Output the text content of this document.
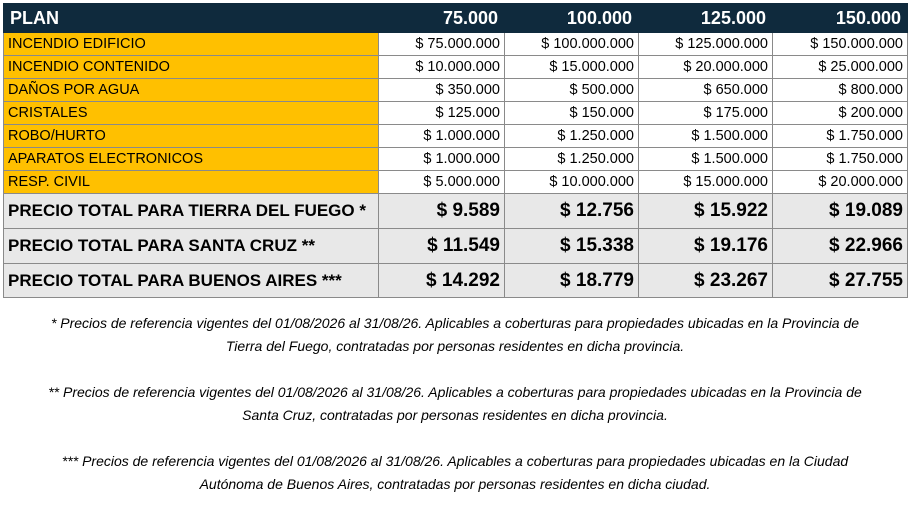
PLAN	75.000	100.000	125.000	150.000
INCENDIO EDIFICIO	$ 75.000.000	$ 100.000.000	$ 125.000.000	$ 150.000.000
INCENDIO CONTENIDO	$ 10.000.000	$ 15.000.000	$ 20.000.000	$ 25.000.000
DAÑOS POR AGUA	$ 350.000	$ 500.000	$ 650.000	$ 800.000
CRISTALES	$ 125.000	$ 150.000	$ 175.000	$ 200.000
ROBO/HURTO	$ 1.000.000	$ 1.250.000	$ 1.500.000	$ 1.750.000
APARATOS ELECTRONICOS	$ 1.000.000	$ 1.250.000	$ 1.500.000	$ 1.750.000
RESP. CIVIL	$ 5.000.000	$ 10.000.000	$ 15.000.000	$ 20.000.000
PRECIO TOTAL PARA TIERRA DEL FUEGO *	$ 9.589	$ 12.756	$ 15.922	$ 19.089
PRECIO TOTAL PARA SANTA CRUZ **	$ 11.549	$ 15.338	$ 19.176	$ 22.966
PRECIO TOTAL PARA BUENOS AIRES ***	$ 14.292	$ 18.779	$ 23.267	$ 27.755

* Precios de referencia vigentes del 01/08/2026 al 31/08/26. Aplicables a coberturas para propiedades ubicadas en la Provincia de
Tierra del Fuego, contratadas por personas residentes en dicha provincia.

** Precios de referencia vigentes del 01/08/2026 al 31/08/26. Aplicables a coberturas para propiedades ubicadas en la Provincia de
Santa Cruz, contratadas por personas residentes en dicha provincia.

*** Precios de referencia vigentes del 01/08/2026 al 31/08/26. Aplicables a coberturas para propiedades ubicadas en la Ciudad
Autónoma de Buenos Aires, contratadas por personas residentes en dicha ciudad.
